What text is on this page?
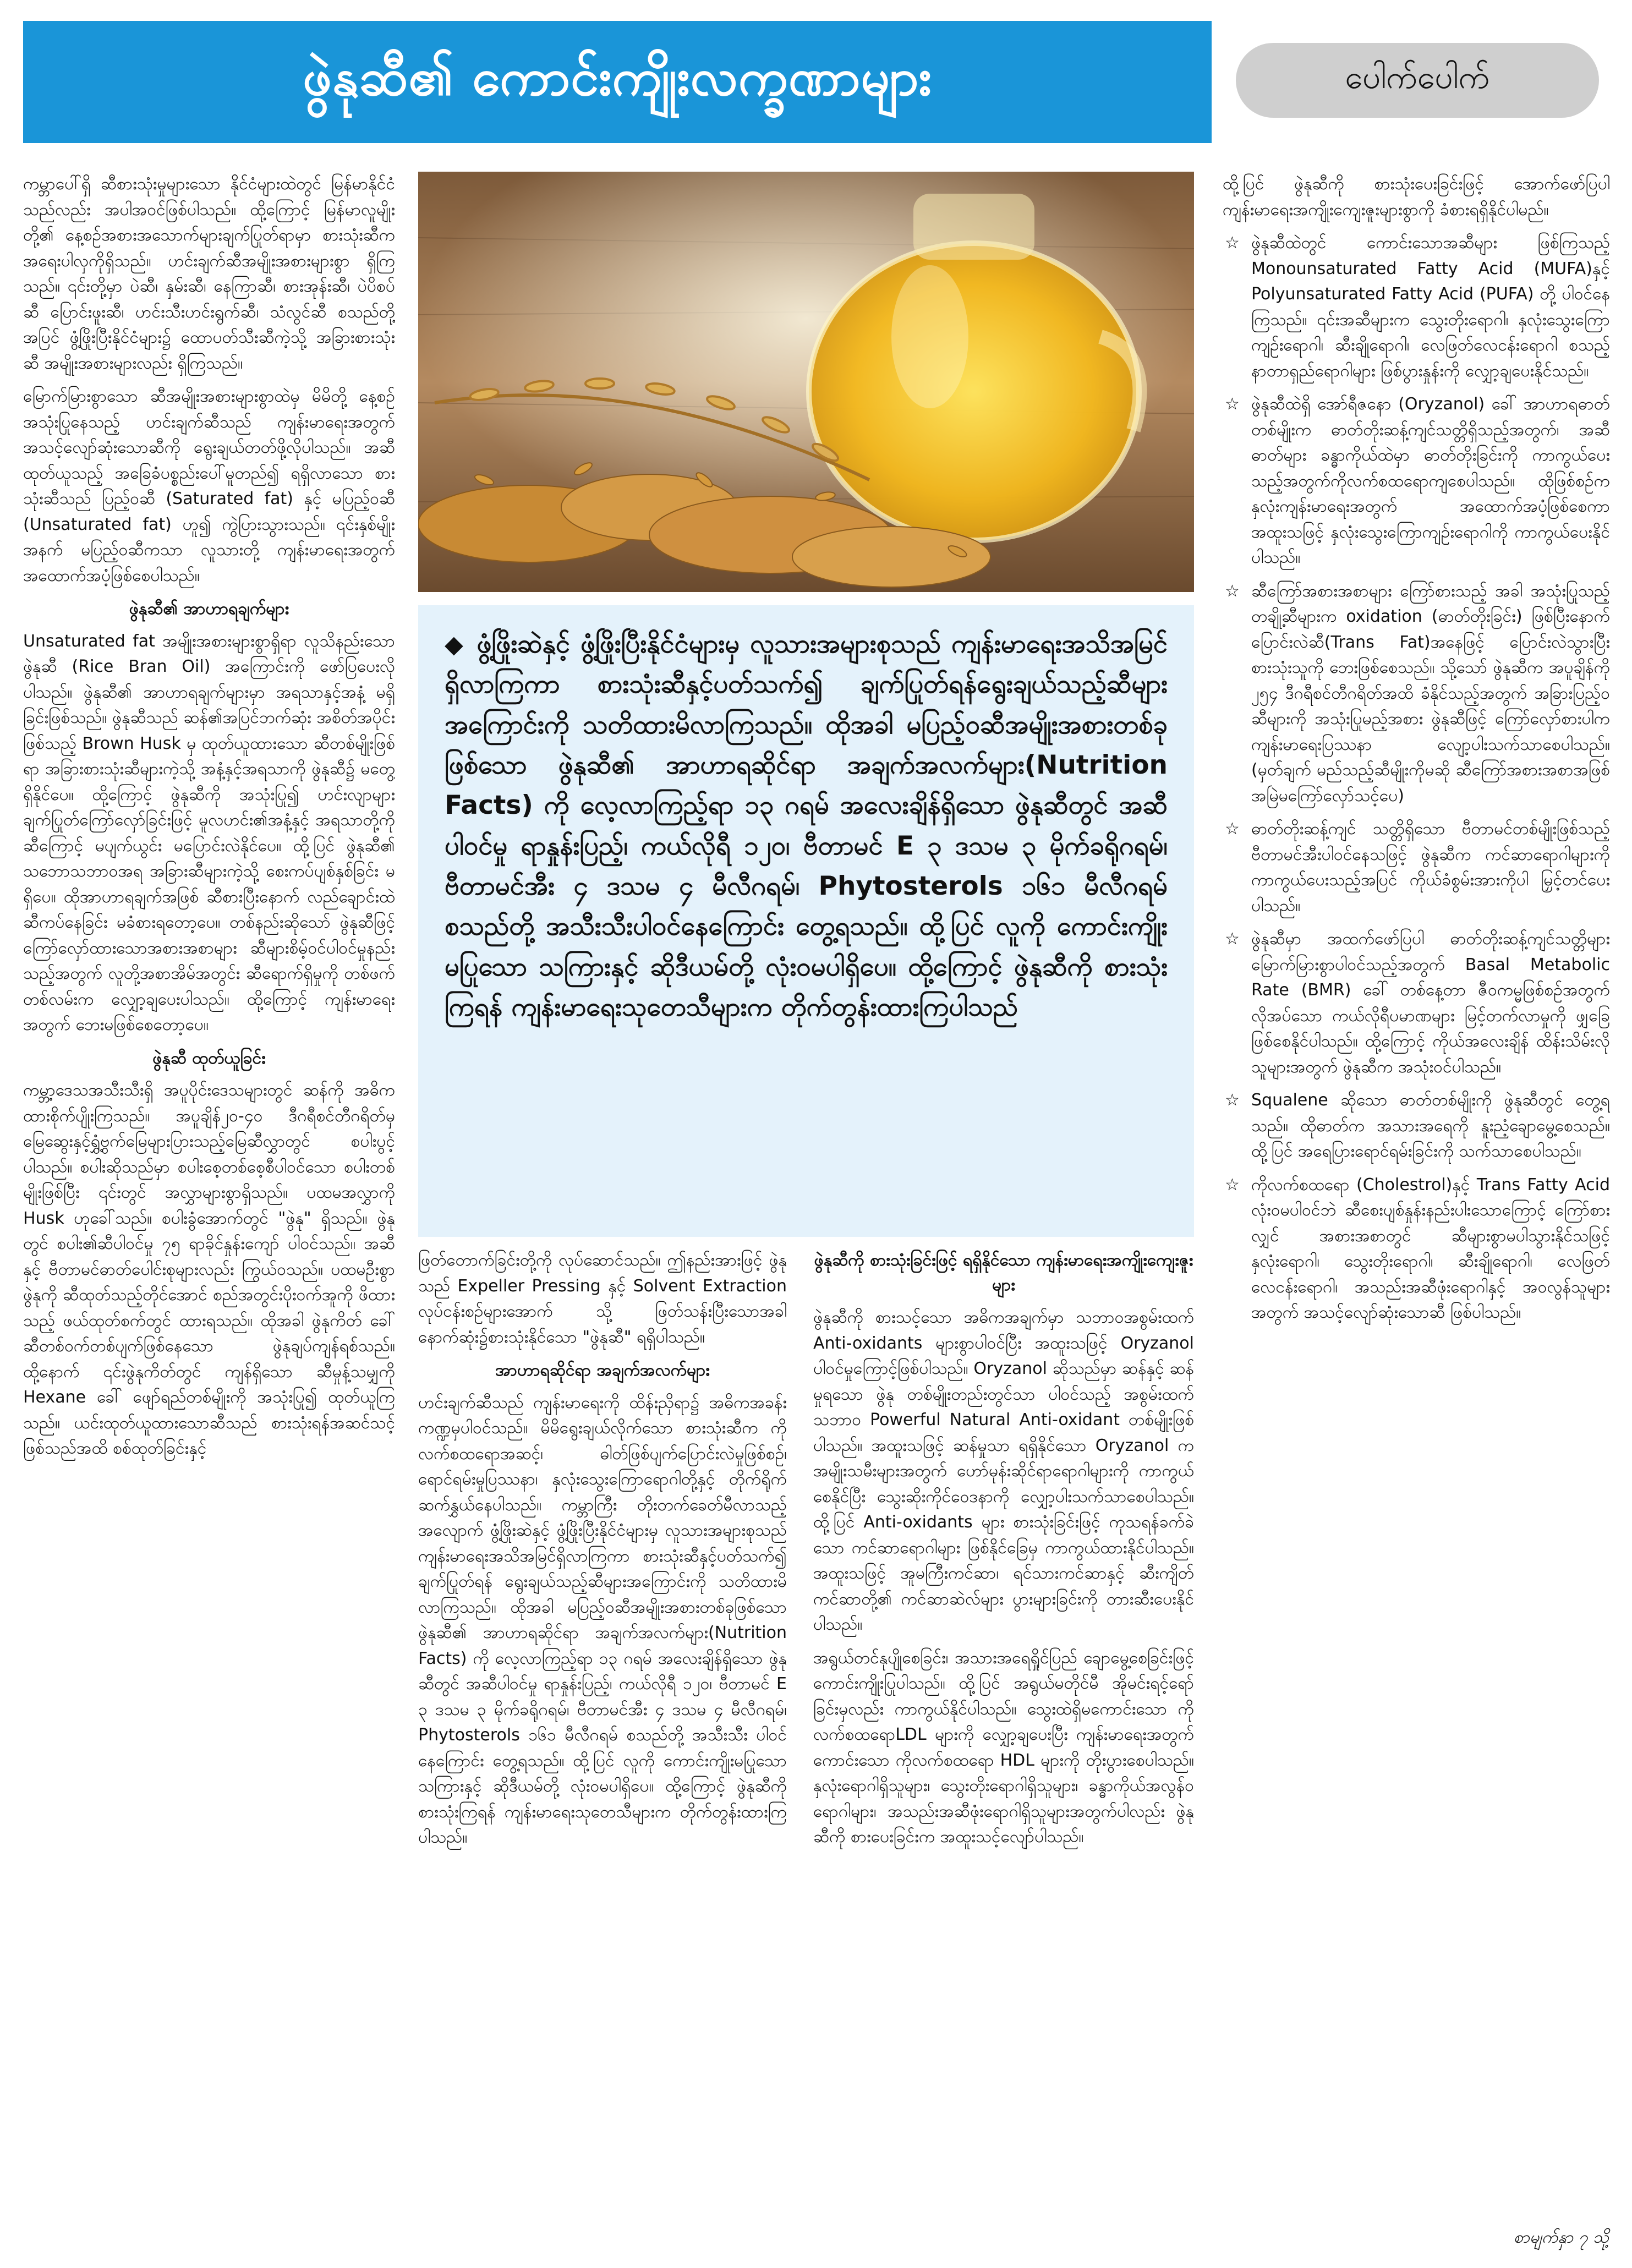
ဖွဲနုဆီ၏ ကောင်းကျိုးလက္ခဏာများ	ပေါက်ပေါက်

ကမ္ဘာပေါ်ရှိ ဆီစားသုံးမှုများသော နိုင်ငံများထဲတွင် မြန်မာနိုင်ငံသည်လည်း အပါအဝင်ဖြစ်ပါသည်။ ထို့ကြောင့် မြန်မာလူမျိုးတို့၏ နေ့စဉ်အစားအသောက်များချက်ပြုတ်ရာမှာ စားသုံးဆီက အရေးပါလှကိုရှိသည်။ ဟင်းချက်ဆီအမျိုးအစားများစွာ ရှိကြသည်။ ၎င်းတို့မှာ ပဲဆီ၊ နှမ်းဆီ၊ နေကြာဆီ၊ စားအုန်းဆီ၊ ပဲပိစပ်ဆီ ပြောင်းဖူးဆီ၊ ဟင်းသီးဟင်းရွက်ဆီ၊ သံလွင်ဆီ စသည်တို့အပြင် ဖွံ့ဖြိုးပြီးနိုင်ငံများ၌ ထောပတ်သီးဆီကဲ့သို့ အခြားစားသုံးဆီ အမျိုးအစားများလည်း ရှိကြသည်။

မြောက်မြားစွာသော ဆီအမျိုးအစားများစွာထဲမှ မိမိတို့ နေ့စဉ်အသုံးပြုနေသည့် ဟင်းချက်ဆီသည် ကျန်းမာရေးအတွက် အသင့်လျော်ဆုံးသောဆီကို ရွေးချယ်တတ်ဖို့လိုပါသည်။ အဆီထုတ်ယူသည့် အခြေခံပစ္စည်းပေါ်မူတည်၍ ရရှိလာသော စားသုံးဆီသည် ပြည့်ဝဆီ (Saturated fat) နှင့် မပြည့်ဝဆီ (Unsaturated fat) ဟူ၍ ကွဲပြားသွားသည်။ ၎င်းနှစ်မျိုးအနက် မပြည့်ဝဆီကသာ လူသားတို့ ကျန်းမာရေးအတွက် အထောက်အပံ့ဖြစ်စေပါသည်။

ဖွဲနုဆီ၏ အာဟာရချက်များ

Unsaturated fat အမျိုးအစားများစွာရှိရာ လူသိနည်းသော ဖွဲနုဆီ (Rice Bran Oil) အကြောင်းကို ဖော်ပြပေးလိုပါသည်။ ဖွဲနုဆီ၏ အာဟာရချက်များမှာ အရသာနှင့်အနံ့ မရှိခြင်းဖြစ်သည်။ ဖွဲနုဆီသည် ဆန်၏အပြင်ဘက်ဆုံး အစိတ်အပိုင်းဖြစ်သည့် Brown Husk မှ ထုတ်ယူထားသော ဆီတစ်မျိုးဖြစ်ရာ အခြားစားသုံးဆီများကဲ့သို့ အနံ့နှင့်အရသာကို ဖွဲနုဆီ၌ မတွေ့ရှိနိုင်ပေ။ ထို့ကြောင့် ဖွဲနုဆီကို အသုံးပြု၍ ဟင်းလျာများ ချက်ပြုတ်ကြော်လှော်ခြင်းဖြင့် မူလဟင်း၏အနံ့နှင့် အရသာတို့ကို ဆီကြောင့် မပျက်ယွင်း မပြောင်းလဲနိုင်ပေ။ ထို့ပြင် ဖွဲနုဆီ၏ သဘောသဘာဝအရ အခြားဆီများကဲ့သို့ စေးကပ်ပျစ်နှစ်ခြင်း မရှိပေ။ ထိုအာဟာရချက်အဖြစ် ဆီစားပြီးနောက် လည်ချောင်းထဲ ဆီကပ်နေခြင်း မခံစားရတော့ပေ။ တစ်နည်းဆိုသော် ဖွဲနုဆီဖြင့် ကြော်လှော်ထားသောအစားအစာများ ဆီများစိမ့်ဝင်ပါဝင်မှုနည်းသည့်အတွက် လူတို့အစာအိမ်အတွင်း ဆီရောက်ရှိမှုကို တစ်ဖက်တစ်လမ်းက လျှော့ချပေးပါသည်။ ထို့ကြောင့် ကျန်းမာရေးအတွက် ဘေးမဖြစ်စေတော့ပေ။

ဖွဲနုဆီ ထုတ်ယူခြင်း

ကမ္ဘာ့ဒေသအသီးသီးရှိ အပူပိုင်းဒေသများတွင် ဆန်ကို အဓိကထားစိုက်ပျိုးကြသည်။ အပူချိန်၂၀-၄၀ ဒီဂရီစင်တီဂရိတ်မှ မြေဆွေးနှင့်ရွှံ့ဗွက်မြေများပြားသည့်မြေဆီလွှာတွင် စပါးပွင့်ပါသည်။ စပါးဆိုသည်မှာ စပါးစေ့တစ်စေ့စီပါဝင်သော စပါးတစ်မျိုးဖြစ်ပြီး ၎င်းတွင် အလွှာများစွာရှိသည်။ ပထမအလွှာကို Husk ဟုခေါ်သည်။ စပါးခွံအောက်တွင် "ဖွဲနု" ရှိသည်။ ဖွဲနုတွင် စပါး၏ဆီပါဝင်မှု ၇၅ ရာခိုင်နှုန်းကျော် ပါဝင်သည်။ အဆီနှင့် ဗီတာမင်ဓာတ်ပေါင်းစုများလည်း ကြွယ်ဝသည်။ ပထမဦးစွာ ဖွဲနုကို ဆီထုတ်သည့်တိုင်အောင် စည်အတွင်းပိုးဝက်အူကို ဖိထားသည့် ဖယ်ထုတ်စက်တွင် ထားရသည်။ ထိုအခါ ဖွဲနုကိတ် ခေါ် ဆီတစ်ဝက်တစ်ပျက်ဖြစ်နေသော ဖွဲနုချပ်ကျန်ရစ်သည်။ ထို့နောက် ၎င်းဖွဲနုကိတ်တွင် ကျန်ရှိသော ဆီမှုန့်သမျှကို Hexane ခေါ် ဖျော်ရည်တစ်မျိုးကို အသုံးပြု၍ ထုတ်ယူကြသည်။ ယင်းထုတ်ယူထားသောဆီသည် စားသုံးရန်အဆင်သင့်ဖြစ်သည်အထိ စစ်ထုတ်ခြင်းနှင့်

◆ ဖွံ့ဖြိုးဆဲနှင့် ဖွံ့ဖြိုးပြီးနိုင်ငံများမှ လူသားအများစုသည် ကျန်းမာရေးအသိအမြင်ရှိလာကြကာ စားသုံးဆီနှင့်ပတ်သက်၍ ချက်ပြုတ်ရန်ရွေးချယ်သည့်ဆီများအကြောင်းကို သတိထားမိလာကြသည်။ ထိုအခါ မပြည့်ဝဆီအမျိုးအစားတစ်ခုဖြစ်သော ဖွဲနုဆီ၏ အာဟာရဆိုင်ရာ အချက်အလက်များ(Nutrition Facts) ကို လေ့လာကြည့်ရာ ၁၃ ဂရမ် အလေးချိန်ရှိသော ဖွဲနုဆီတွင် အဆီပါဝင်မှု ရာနှုန်းပြည့်၊ ကယ်လိုရီ ၁၂၀၊ ဗီတာမင် E ၃ ဒသမ ၃ မိုက်ခရိုဂရမ်၊ ဗီတာမင်အီး ၄ ဒသမ ၄ မီလီဂရမ်၊ Phytosterols ၁၆၁ မီလီဂရမ် စသည်တို့ အသီးသီးပါဝင်နေကြောင်း တွေ့ရသည်။ ထို့ပြင် လူကို ကောင်းကျိုးမပြုသော သကြားနှင့် ဆိုဒီယမ်တို့ လုံးဝမပါရှိပေ။ ထို့ကြောင့် ဖွဲနုဆီကို စားသုံးကြရန် ကျန်းမာရေးသုတေသီများက တိုက်တွန်းထားကြပါသည်

ဖြတ်တောက်ခြင်းတို့ကို လုပ်ဆောင်သည်။ ဤနည်းအားဖြင့် ဖွဲနုသည် Expeller Pressing နှင့် Solvent Extraction လုပ်ငန်းစဉ်များအောက် သို့ ဖြတ်သန်းပြီးသောအခါ နောက်ဆုံး၌စားသုံးနိုင်သော "ဖွဲနုဆီ" ရရှိပါသည်။

အာဟာရဆိုင်ရာ အချက်အလက်များ

ဟင်းချက်ဆီသည် ကျန်းမာရေးကို ထိန်းညှိရာ၌ အဓိကအခန်းကဏ္ဍမှပါဝင်သည်။ မိမိရွေးချယ်လိုက်သော စားသုံးဆီက ကိုလက်စထရောအဆင့်၊ ဓါတ်ဖြစ်ပျက်ပြောင်းလဲမှုဖြစ်စဉ်၊ ရောင်ရမ်းမှုပြဿနာ၊ နှလုံးသွေးကြောရောဂါတို့နှင့် တိုက်ရိုက်ဆက်နွှယ်နေပါသည်။ ကမ္ဘာကြီး တိုးတက်ခေတ်မီလာသည့်အလျောက် ဖွံ့ဖြိုးဆဲနှင့် ဖွံ့ဖြိုးပြီးနိုင်ငံများမှ လူသားအများစုသည် ကျန်းမာရေးအသိအမြင်ရှိလာကြကာ စားသုံးဆီနှင့်ပတ်သက်၍ ချက်ပြုတ်ရန် ရွေးချယ်သည့်ဆီများအကြောင်းကို သတိထားမိလာကြသည်။ ထိုအခါ မပြည့်ဝဆီအမျိုးအစားတစ်ခုဖြစ်သော ဖွဲနုဆီ၏ အာဟာရဆိုင်ရာ အချက်အလက်များ(Nutrition Facts) ကို လေ့လာကြည့်ရာ ၁၃ ဂရမ် အလေးချိန်ရှိသော ဖွဲနုဆီတွင် အဆီပါဝင်မှု ရာနှုန်းပြည့်၊ ကယ်လိုရီ ၁၂၀၊ ဗီတာမင် E ၃ ဒသမ ၃ မိုက်ခရိုဂရမ်၊ ဗီတာမင်အီး ၄ ဒသမ ၄ မီလီဂရမ်၊ Phytosterols ၁၆၁ မီလီဂရမ် စသည်တို့ အသီးသီး ပါဝင်နေကြောင်း တွေ့ရသည်။ ထို့ပြင် လူကို ကောင်းကျိုးမပြုသော သကြားနှင့် ဆိုဒီယမ်တို့ လုံးဝမပါရှိပေ။ ထို့ကြောင့် ဖွဲနုဆီကို စားသုံးကြရန် ကျန်းမာရေးသုတေသီများက တိုက်တွန်းထားကြပါသည်။

ဖွဲနုဆီကို စားသုံးခြင်းဖြင့် ရရှိနိုင်သော ကျန်းမာရေးအကျိုးကျေးဇူးများ

ဖွဲနုဆီကို စားသင့်သော အဓိကအချက်မှာ သဘာဝအစွမ်းထက် Anti-oxidants များစွာပါဝင်ပြီး အထူးသဖြင့် Oryzanol ပါဝင်မှုကြောင့်ဖြစ်ပါသည်။ Oryzanol ဆိုသည်မှာ ဆန်နှင့် ဆန်မှုရသော ဖွဲနု တစ်မျိုးတည်းတွင်သာ ပါဝင်သည့် အစွမ်းထက်သဘာဝ Powerful Natural Anti-oxidant တစ်မျိုးဖြစ်ပါသည်။ အထူးသဖြင့် ဆန်မှုသာ ရရှိနိုင်သော Oryzanol က အမျိုးသမီးများအတွက် ဟော်မုန်းဆိုင်ရာရောဂါများကို ကာကွယ်စေနိုင်ပြီး သွေးဆိုးကိုင်ဝေဒနာကို လျှော့ပါးသက်သာစေပါသည်။ ထို့ပြင် Anti-oxidants များ စားသုံးခြင်းဖြင့် ကုသရန်ခက်ခဲသော ကင်ဆာရောဂါများ ဖြစ်နိုင်ခြေမှ ကာကွယ်ထားနိုင်ပါသည်။ အထူးသဖြင့် အူမကြီးကင်ဆာ၊ ရင်သားကင်ဆာနှင့် ဆီးကျိတ်ကင်ဆာတို့၏ ကင်ဆာဆဲလ်များ ပွားများခြင်းကို တားဆီးပေးနိုင်ပါသည်။

အရွယ်တင်နုပျိုစေခြင်း၊ အသားအရေရှိုင်ပြည် ချောမွေ့စေခြင်းဖြင့် ကောင်းကျိုးပြုပါသည်။ ထို့ပြင် အရွယ်မတိုင်မီ အိုမင်းရင့်ရော်ခြင်းမှလည်း ကာကွယ်နိုင်ပါသည်။ သွေးထဲရှိမကောင်းသော ကိုလက်စထရောLDL များကို လျှော့ချပေးပြီး ကျန်းမာရေးအတွက်ကောင်းသော ကိုလက်စထရော HDL များကို တိုးပွားစေပါသည်။ နှလုံးရောဂါရှိသူများ၊ သွေးတိုးရောဂါရှိသူများ၊ ခန္ဓာကိုယ်အလွန်ဝရောဂါများ၊ အသည်းအဆီဖုံးရောဂါရှိသူများအတွက်ပါလည်း ဖွဲနုဆီကို စားပေးခြင်းက အထူးသင့်လျော်ပါသည်။

ထို့ပြင် ဖွဲနုဆီကို စားသုံးပေးခြင်းဖြင့် အောက်ဖော်ပြပါ ကျန်းမာရေးအကျိုးကျေးဇူးများစွာကို ခံစားရရှိနိုင်ပါမည်။

☆ ဖွဲနုဆီထဲတွင် ကောင်းသောအဆီများ ဖြစ်ကြသည့် Monounsaturated Fatty Acid (MUFA)နှင့် Polyunsaturated Fatty Acid (PUFA) တို့ ပါဝင်နေကြသည်။ ၎င်းအဆီများက သွေးတိုးရောဂါ၊ နှလုံးသွေးကြောကျဉ်းရောဂါ၊ ဆီးချိုရောဂါ၊ လေဖြတ်လေငန်းရောဂါ စသည့် နာတာရှည်ရောဂါများ ဖြစ်ပွားနှုန်းကို လျှော့ချပေးနိုင်သည်။
☆ ဖွဲနုဆီထဲရှိ အော်ရီဇနော (Oryzanol) ခေါ် အာဟာရဓာတ်တစ်မျိုးက ဓာတ်တိုးဆန့်ကျင်သတ္တိရှိသည့်အတွက်၊ အဆီဓာတ်များ ခန္ဓာကိုယ်ထဲမှာ ဓာတ်တိုးခြင်းကို ကာကွယ်ပေးသည့်အတွက်ကိုလက်စထရောကျစေပါသည်။ ထိုဖြစ်စဉ်က နှလုံးကျန်းမာရေးအတွက် အထောက်အပံ့ဖြစ်စေကာ အထူးသဖြင့် နှလုံးသွေးကြောကျဉ်းရောဂါကို ကာကွယ်ပေးနိုင်ပါသည်။
☆ ဆီကြော်အစားအစာများ ကြော်စားသည့် အခါ အသုံးပြုသည့် တချို့ဆီများက oxidation (ဓာတ်တိုးခြင်း) ဖြစ်ပြီးနောက် ပြောင်းလဲဆီ(Trans Fat)အနေဖြင့် ပြောင်းလဲသွားပြီး စားသုံးသူကို ဘေးဖြစ်စေသည်။ သို့သော် ဖွဲနုဆီက အပူချိန်ကို ၂၅၄ ဒီဂရီစင်တီဂရိတ်အထိ ခံနိုင်သည့်အတွက် အခြားပြည့်ဝဆီများကို အသုံးပြုမည့်အစား ဖွဲနုဆီဖြင့် ကြော်လှော်စားပါက ကျန်းမာရေးပြဿနာ လျော့ပါးသက်သာစေပါသည်။ (မှတ်ချက် မည်သည့်ဆီမျိုးကိုမဆို ဆီကြော်အစားအစာအဖြစ် အမြဲမကြော်လှော်သင့်ပေ)
☆ ဓာတ်တိုးဆန့်ကျင် သတ္တိရှိသော ဗီတာမင်တစ်မျိုးဖြစ်သည့် ဗီတာမင်အီးပါဝင်နေသဖြင့် ဖွဲနုဆီက ကင်ဆာရောဂါများကို ကာကွယ်ပေးသည့်အပြင် ကိုယ်ခံစွမ်းအားကိုပါ မြှင့်တင်ပေးပါသည်။
☆ ဖွဲနုဆီမှာ အထက်ဖော်ပြပါ ဓာတ်တိုးဆန့်ကျင်သတ္တိများ မြောက်မြားစွာပါဝင်သည့်အတွက် Basal Metabolic Rate (BMR) ခေါ် တစ်နေ့တာ ဇီဝကမ္မဖြစ်စဉ်အတွက် လိုအပ်သော ကယ်လိုရီပမာဏများ မြင့်တက်လာမှုကို ဖျှခြေဖြစ်စေနိုင်ပါသည်။ ထို့ကြောင့် ကိုယ်အလေးချိန် ထိန်းသိမ်းလိုသူများအတွက် ဖွဲနုဆီက အသုံးဝင်ပါသည်။
☆ Squalene ဆိုသော ဓာတ်တစ်မျိုးကို ဖွဲနုဆီတွင် တွေ့ရသည်။ ထိုဓာတ်က အသားအရေကို နူးညံ့ချောမွေ့စေသည်။ ထို့ပြင် အရေပြားရောင်ရမ်းခြင်းကို သက်သာစေပါသည်။
☆ ကိုလက်စထရော (Cholestrol)နှင့် Trans Fatty Acid လုံးဝမပါဝင်ဘဲ ဆီစေးပျစ်နှုန်းနည်းပါးသောကြောင့် ကြော်စားလျှင် အစားအစာတွင် ဆီများစွာမပါသွားနိုင်သဖြင့် နှလုံးရောဂါ၊ သွေးတိုးရောဂါ၊ ဆီးချိုရောဂါ၊ လေဖြတ်လေငန်းရောဂါ၊ အသည်းအဆီဖုံးရောဂါနှင့် အဝလွန်သူများအတွက် အသင့်လျော်ဆုံးသောဆီ ဖြစ်ပါသည်။
စာမျက်နှာ ၇ သို့
